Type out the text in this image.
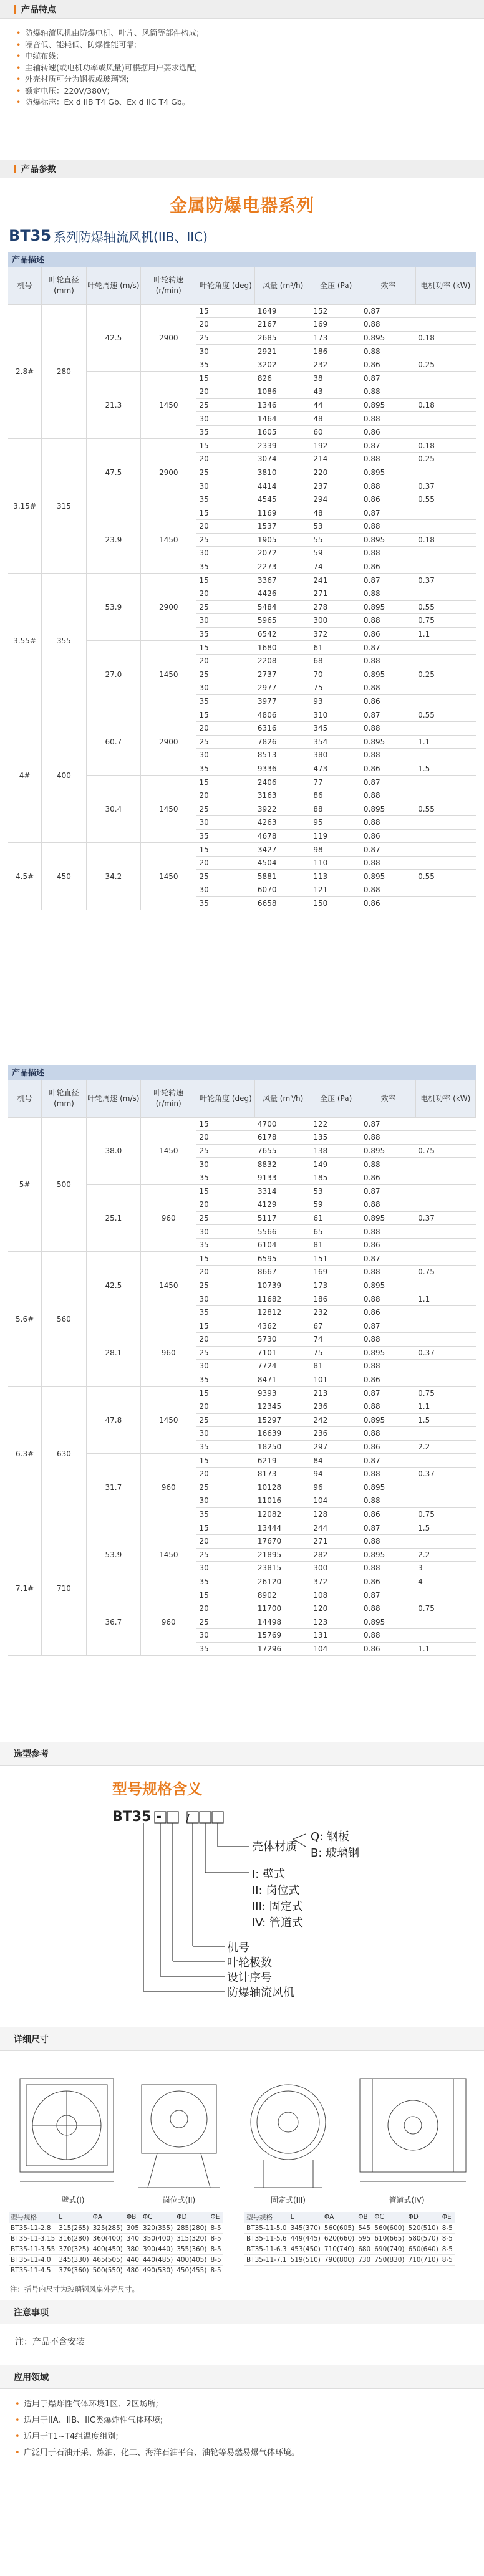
产品特点
• 防爆轴流风机由防爆电机、叶片、风筒等部件构成;
• 噪音低、能耗低、防爆性能可靠;
• 电缆布线;
• 主轴转速(或电机功率或风量)可根据用户要求选配;
• 外壳材质可分为钢板或玻璃钢;
• 额定电压：220V/380V;
• 防爆标志：Ex d IIB T4 Gb、Ex d IIC T4 Gb。
产品参数
金属防爆电器系列
BT35 系列防爆轴流风机(IIB、IIC)
产品描述								
机号	叶轮直径 (mm)	叶轮周速 (m/s)	叶轮转速 (r/min)	叶轮角度 (deg)	风量 (m³/h)	全压 (Pa)	效率	电机功率 (kW)
2.8#	280	42.5	2900	15	1649	152	0.87	
				20	2167	169	0.88	
				25	2685	173	0.895	0.18
				30	2921	186	0.88	
				35	3202	232	0.86	0.25
		21.3	1450	15	826	38	0.87	
				20	1086	43	0.88	
				25	1346	44	0.895	0.18
				30	1464	48	0.88	
				35	1605	60	0.86	
3.15#	315	47.5	2900	15	2339	192	0.87	0.18
				20	3074	214	0.88	0.25
				25	3810	220	0.895	
				30	4414	237	0.88	0.37
				35	4545	294	0.86	0.55
		23.9	1450	15	1169	48	0.87	
				20	1537	53	0.88	
				25	1905	55	0.895	0.18
				30	2072	59	0.88	
				35	2273	74	0.86	
3.55#	355	53.9	2900	15	3367	241	0.87	0.37
				20	4426	271	0.88	
				25	5484	278	0.895	0.55
				30	5965	300	0.88	0.75
				35	6542	372	0.86	1.1
		27.0	1450	15	1680	61	0.87	
				20	2208	68	0.88	
				25	2737	70	0.895	0.25
				30	2977	75	0.88	
				35	3977	93	0.86	
4#	400	60.7	2900	15	4806	310	0.87	0.55
				20	6316	345	0.88	
				25	7826	354	0.895	1.1
				30	8513	380	0.88	
				35	9336	473	0.86	1.5
		30.4	1450	15	2406	77	0.87	
				20	3163	86	0.88	
				25	3922	88	0.895	0.55
				30	4263	95	0.88	
				35	4678	119	0.86	
4.5#	450	34.2	1450	15	3427	98	0.87	
				20	4504	110	0.88	
				25	5881	113	0.895	0.55
				30	6070	121	0.88	
				35	6658	150	0.86	
产品描述								
机号	叶轮直径 (mm)	叶轮周速 (m/s)	叶轮转速 (r/min)	叶轮角度 (deg)	风量 (m³/h)	全压 (Pa)	效率	电机功率 (kW)
5#	500	38.0	1450	15	4700	122	0.87	
				20	6178	135	0.88	
				25	7655	138	0.895	0.75
				30	8832	149	0.88	
				35	9133	185	0.86	
		25.1	960	15	3314	53	0.87	
				20	4129	59	0.88	
				25	5117	61	0.895	0.37
				30	5566	65	0.88	
				35	6104	81	0.86	
5.6#	560	42.5	1450	15	6595	151	0.87	
				20	8667	169	0.88	0.75
				25	10739	173	0.895	
				30	11682	186	0.88	1.1
				35	12812	232	0.86	
		28.1	960	15	4362	67	0.87	
				20	5730	74	0.88	
				25	7101	75	0.895	0.37
				30	7724	81	0.88	
				35	8471	101	0.86	
6.3#	630	47.8	1450	15	9393	213	0.87	0.75
				20	12345	236	0.88	1.1
				25	15297	242	0.895	1.5
				30	16639	236	0.88	
				35	18250	297	0.86	2.2
		31.7	960	15	6219	84	0.87	
				20	8173	94	0.88	0.37
				25	10128	96	0.895	
				30	11016	104	0.88	
				35	12082	128	0.86	0.75
7.1#	710	53.9	1450	15	13444	244	0.87	1.5
				20	17670	271	0.88	
				25	21895	282	0.895	2.2
				30	23815	300	0.88	3
				35	26120	372	0.86	4
		36.7	960	15	8902	108	0.87	
				20	11700	120	0.88	0.75
				25	14498	123	0.895	
				30	15769	131	0.88	
				35	17296	104	0.86	1.1
选型参考
型号规格含义
BT35 - /
壳体材质
Q: 钢板
B: 玻璃钢
I: 壁式
II: 岗位式
III: 固定式
IV: 管道式
机号
叶轮极数
设计序号
防爆轴流风机
详细尺寸
壁式(I)	岗位式(II)	固定式(III)	管道式(IV)
型号规格	L	ΦA	ΦB	ΦC	ΦD	ΦE
BT35-11-2.8	315(265)	325(285)	305	320(355)	285(280)	8-5
BT35-11-3.15	316(280)	360(400)	340	350(400)	315(320)	8-5
BT35-11-3.55	370(325)	400(450)	380	390(440)	355(360)	8-5
BT35-11-4.0	345(330)	465(505)	440	440(485)	400(405)	8-5
BT35-11-4.5	379(360)	500(550)	480	490(530)	450(455)	8-5
型号规格	L	ΦA	ΦB	ΦC	ΦD	ΦE
BT35-11-5.0	345(370)	560(605)	545	560(600)	520(510)	8-5
BT35-11-5.6	449(445)	620(660)	595	610(665)	580(570)	8-5
BT35-11-6.3	453(450)	710(740)	680	690(740)	650(640)	8-5
BT35-11-7.1	519(510)	790(800)	730	750(830)	710(710)	8-5
注：括号内尺寸为玻璃钢风扇外壳尺寸。
注意事项
注：产品不含安装
应用领域
• 适用于爆炸性气体环境1区、2区场所;
• 适用于IIA、IIB、IIC类爆炸性气体环境;
• 适用于T1~T4组温度组别;
• 广泛用于石油开采、炼油、化工、海洋石油平台、油轮等易燃易爆气体环境。
